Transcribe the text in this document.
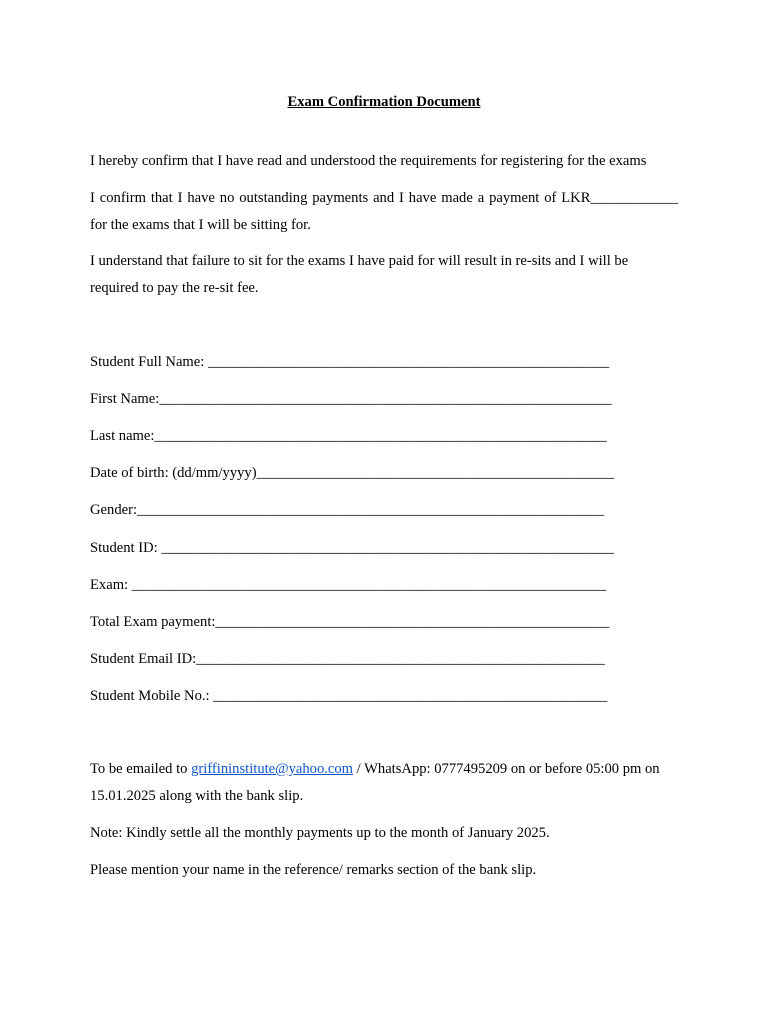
Exam Confirmation Document

I hereby confirm that I have read and understood the requirements for registering for the exams

I confirm that I have no outstanding payments and I have made a payment of LKR____________ for the exams that I will be sitting for.

I understand that failure to sit for the exams I have paid for will result in re-sits and I will be required to pay the re-sit fee.

Student Full Name: _______________________________________________________
First Name:______________________________________________________________
Last name:______________________________________________________________
Date of birth: (dd/mm/yyyy)_________________________________________________
Gender:________________________________________________________________
Student ID: ______________________________________________________________
Exam: _________________________________________________________________
Total Exam payment:______________________________________________________
Student Email ID:________________________________________________________
Student Mobile No.: ______________________________________________________

To be emailed to griffininstitute@yahoo.com / WhatsApp: 0777495209 on or before 05:00 pm on 15.01.2025 along with the bank slip.

Note: Kindly settle all the monthly payments up to the month of January 2025.

Please mention your name in the reference/ remarks section of the bank slip.
